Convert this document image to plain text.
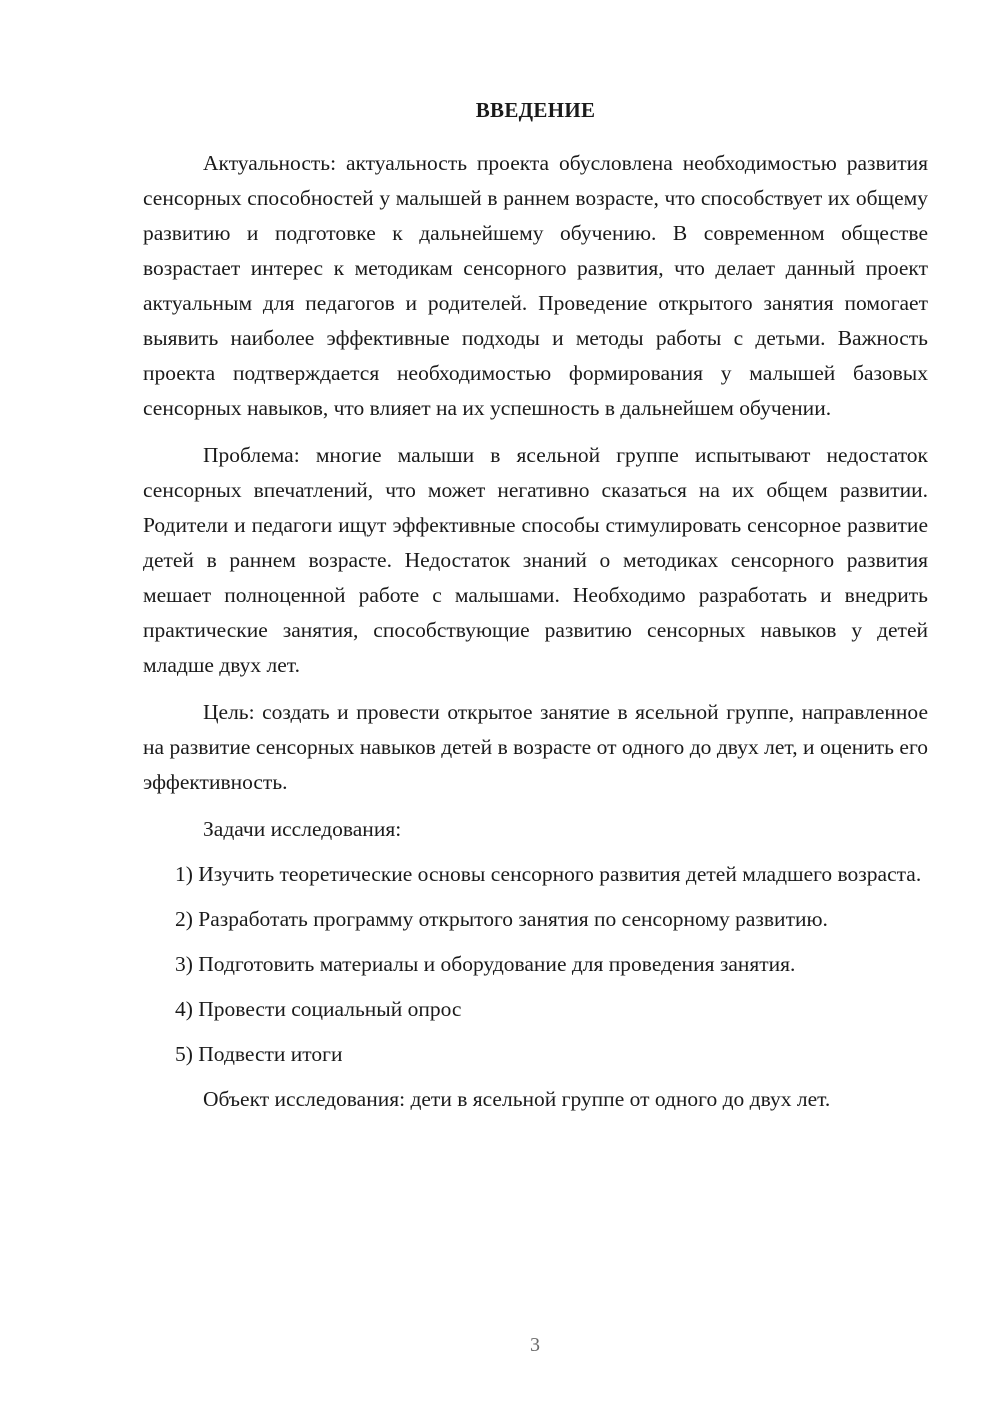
ВВЕДЕНИЕ

Актуальность: актуальность проекта обусловлена необходимостью развития сенсорных способностей у малышей в раннем возрасте, что способствует их общему развитию и подготовке к дальнейшему обучению. В современном обществе возрастает интерес к методикам сенсорного развития, что делает данный проект актуальным для педагогов и родителей. Проведение открытого занятия помогает выявить наиболее эффективные подходы и методы работы с детьми. Важность проекта подтверждается необходимостью формирования у малышей базовых сенсорных навыков, что влияет на их успешность в дальнейшем обучении.

Проблема: многие малыши в ясельной группе испытывают недостаток сенсорных впечатлений, что может негативно сказаться на их общем развитии. Родители и педагоги ищут эффективные способы стимулировать сенсорное развитие детей в раннем возрасте. Недостаток знаний о методиках сенсорного развития мешает полноценной работе с малышами. Необходимо разработать и внедрить практические занятия, способствующие развитию сенсорных навыков у детей младше двух лет.

Цель: создать и провести открытое занятие в ясельной группе, направленное на развитие сенсорных навыков детей в возрасте от одного до двух лет, и оценить его эффективность.

Задачи исследования:

1) Изучить теоретические основы сенсорного развития детей младшего возраста.

2) Разработать программу открытого занятия по сенсорному развитию.

3) Подготовить материалы и оборудование для проведения занятия.

4) Провести социальный опрос

5) Подвести итоги

Объект исследования: дети в ясельной группе от одного до двух лет.

3
